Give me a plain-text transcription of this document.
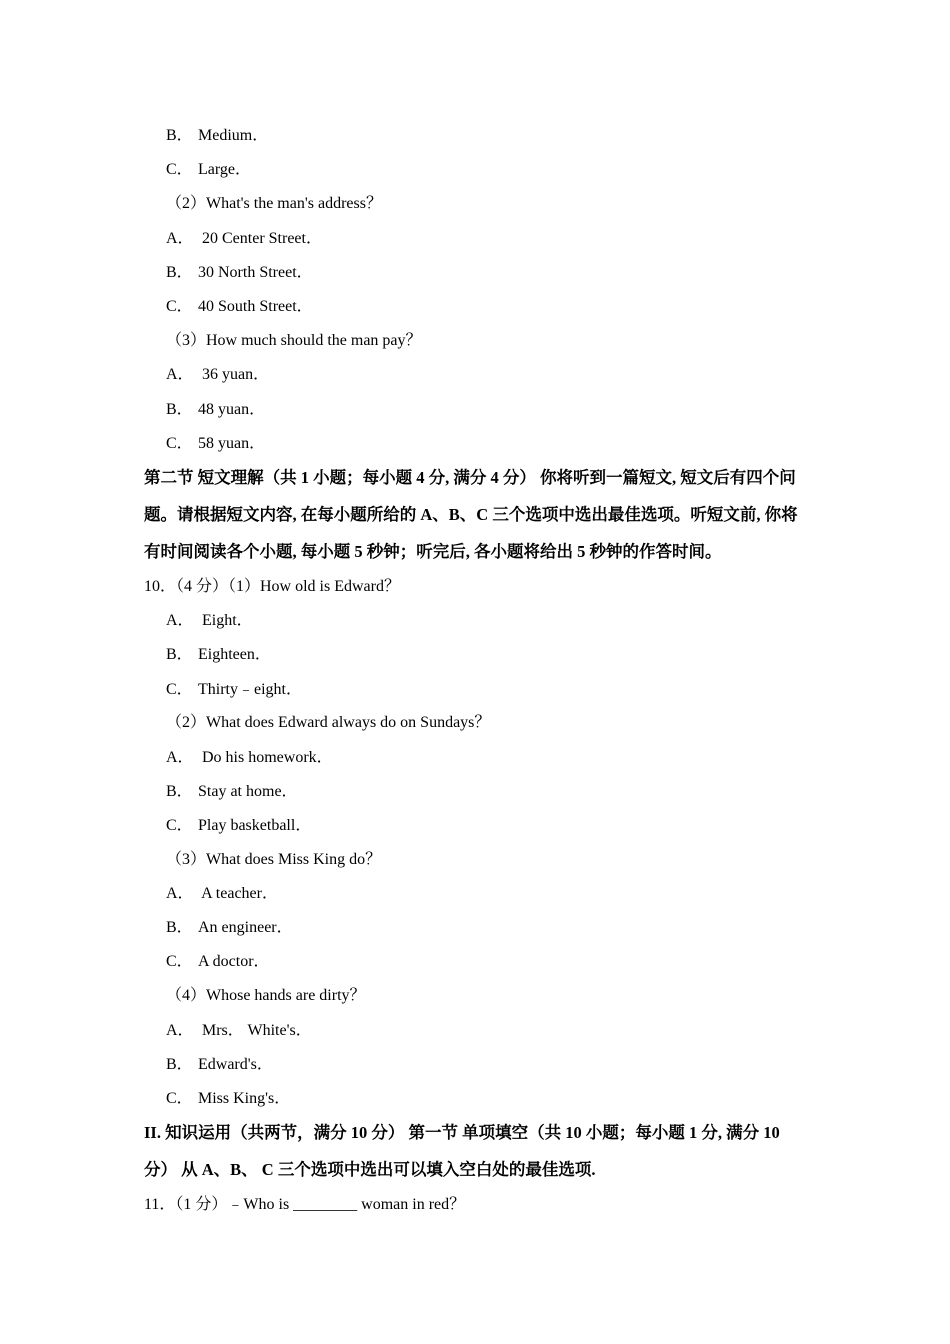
B． Medium．
C． Large．
（2）What's the man's address？
A． 20 Center Street．
B． 30 North Street．
C． 40 South Street．
（3）How much should the man pay？
A． 36 yuan．
B． 48 yuan．
C． 58 yuan．
第二节 短文理解（共 1 小题；每小题 4 分, 满分 4 分） 你将听到一篇短文, 短文后有四个问
题。请根据短文内容, 在每小题所给的 A、B、C 三个选项中选出最佳选项。听短文前, 你将
有时间阅读各个小题, 每小题 5 秒钟；听完后, 各小题将给出 5 秒钟的作答时间。
10．（4 分）（1）How old is Edward？
A． Eight．
B． Eighteen．
C． Thirty﹣eight．
（2）What does Edward always do on Sundays？
A． Do his homework．
B． Stay at home．
C． Play basketball．
（3）What does Miss King do？
A． A teacher．
B． An engineer．
C． A doctor．
（4）Whose hands are dirty？
A． Mrs． White's．
B． Edward's．
C． Miss King's．
II. 知识运用（共两节，满分 10 分） 第一节 单项填空（共 10 小题；每小题 1 分, 满分 10
分） 从 A、B、 C 三个选项中选出可以填入空白处的最佳选项.
11．（1 分）﹣Who is ________ woman in red？
